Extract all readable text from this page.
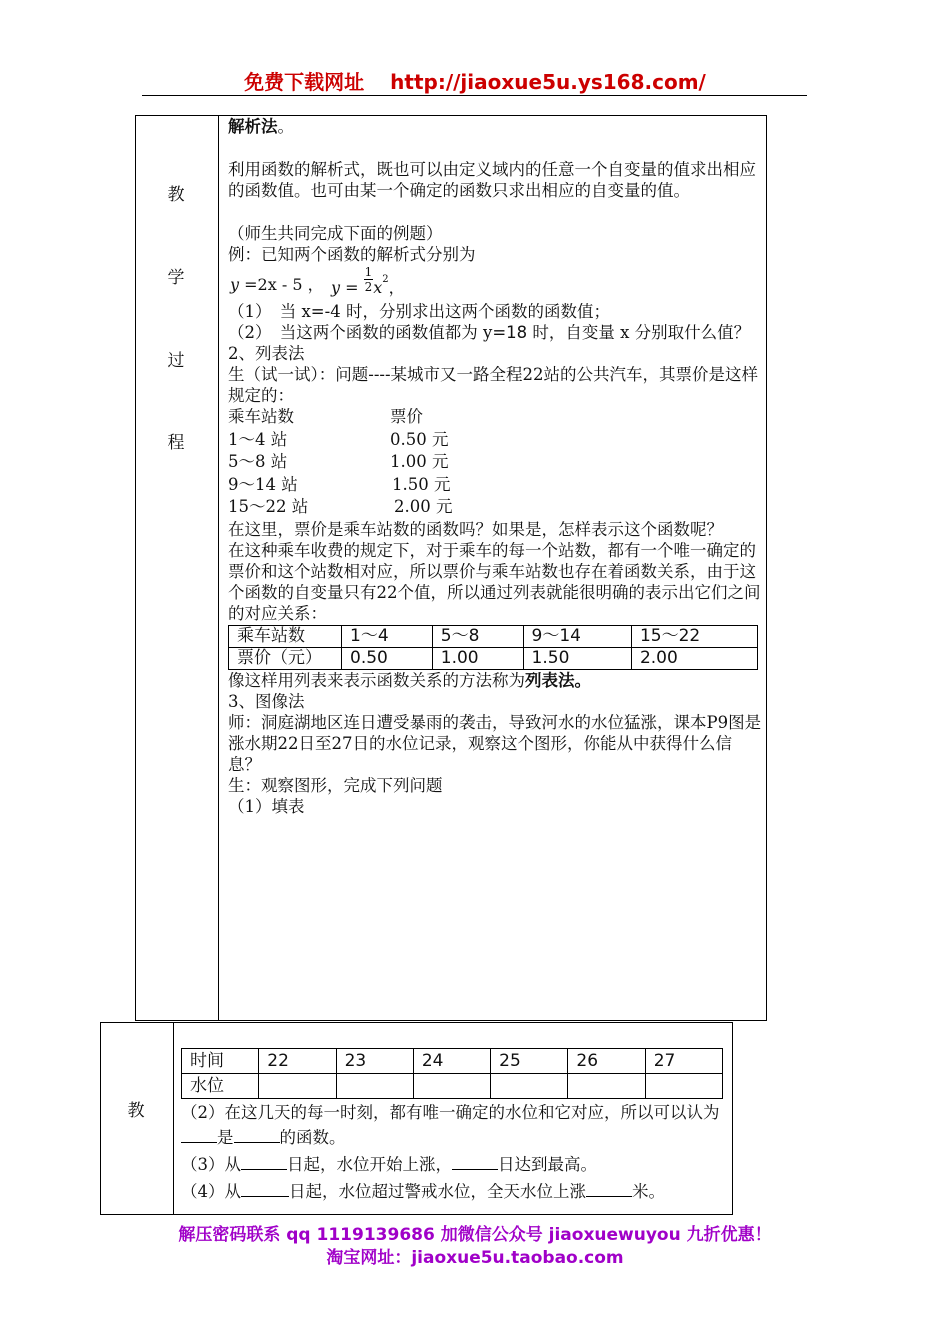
免费下载网址 http://jiaoxue5u.ys168.com/
教
学
过
程

解析法。

利用函数的解析式，既也可以由定义域内的任意一个自变量的值求出相应的函数值。也可由某一个确定的函数只求出相应的自变量的值。

（师生共同完成下面的例题）

例：已知两个函数的解析式分别为

y =2x - 5 ， $y = \frac{1}{2} x^2$，

（1）　当 x=-4 时，分别求出这两个函数的函数值；

（2）　当这两个函数的函数值都为 y=18 时，自变量 x 分别取什么值？

2、列表法

生（试一试）：问题----某城市又一路全程22站的公共汽车，其票价是这样规定的：

乘车站数	票价
1～4 站	0.50 元
5～8 站	1.00 元
9～14 站	1.50 元
15～22 站	2.00 元

在这里，票价是乘车站数的函数吗？如果是，怎样表示这个函数呢？

在这种乘车收费的规定下，对于乘车的每一个站数，都有一个唯一确定的票价和这个站数相对应，所以票价与乘车站数也存在着函数关系，由于这个函数的自变量只有22个值，所以通过列表就能很明确的表示出它们之间的对应关系：

乘车站数	1～4	5～8	9～14	15～22
票价（元）	0.50	1.00	1.50	2.00

像这样用列表来表示函数关系的方法称为列表法。

3、图像法

师：洞庭湖地区连日遭受暴雨的袭击，导致河水的水位猛涨，课本P9图是涨水期22日至27日的水位记录，观察这个图形，你能从中获得什么信息？

生：观察图形，完成下列问题

（1）填表

教
时间	22	23	24	25	26	27
水位						

（2）在这几天的每一时刻，都有唯一确定的水位和它对应，所以可以认为是	的函数。

（3）从	日起，水位开始上涨，	日达到最高。

（4）从	日起，水位超过警戒水位，全天水位上涨	米。

解压密码联系 qq 1119139686 加微信公众号 jiaoxuewuyou 九折优惠！
淘宝网址：jiaoxue5u.taobao.com
